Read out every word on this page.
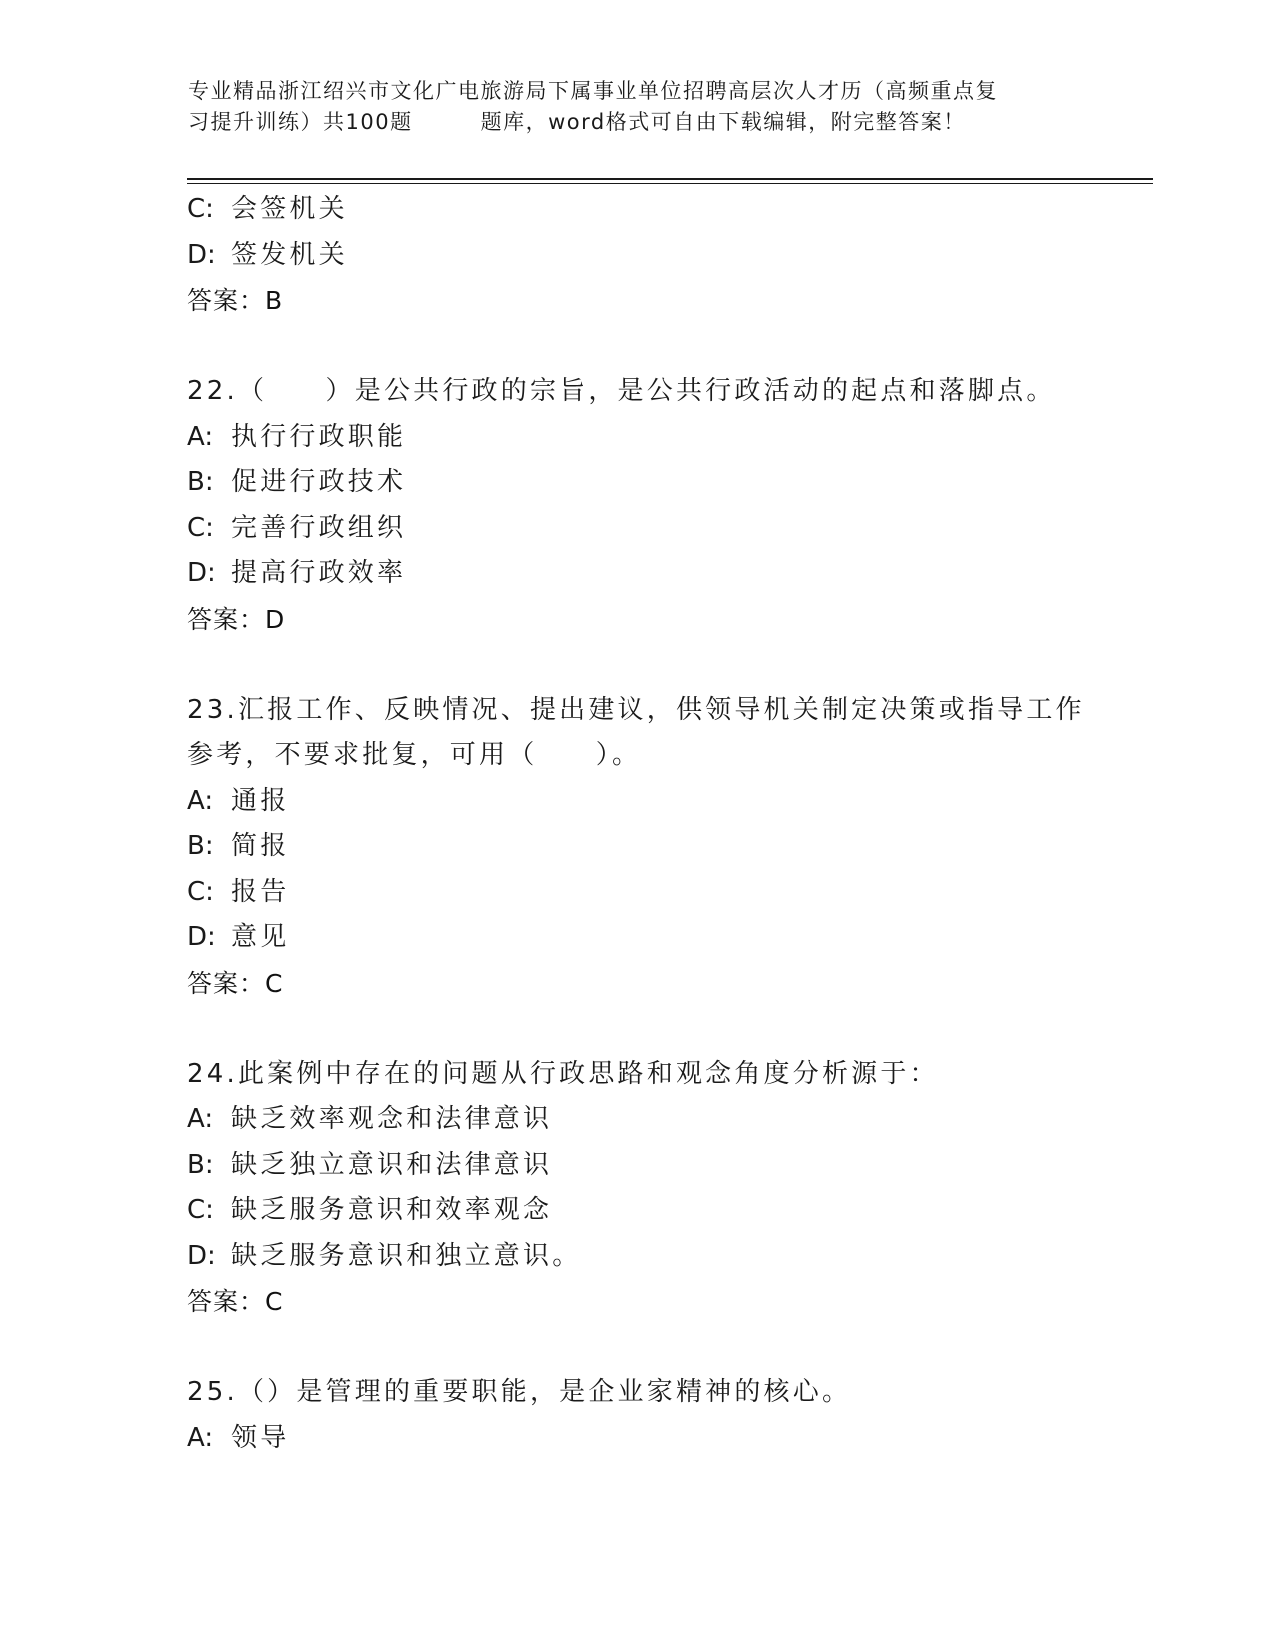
专业精品浙江绍兴市文化广电旅游局下属事业单位招聘高层次人才历（高频重点复
习提升训练）共100题	题库，word格式可自由下载编辑，附完整答案！
C: 会签机关
D: 签发机关
答案：B
22.（　　）是公共行政的宗旨，是公共行政活动的起点和落脚点。
A: 执行行政职能
B: 促进行政技术
C: 完善行政组织
D: 提高行政效率
答案：D
23.汇报工作、反映情况、提出建议，供领导机关制定决策或指导工作
参考，不要求批复，可用（　　）。
A: 通报
B: 简报
C: 报告
D: 意见
答案：C
24.此案例中存在的问题从行政思路和观念角度分析源于：
A: 缺乏效率观念和法律意识
B: 缺乏独立意识和法律意识
C: 缺乏服务意识和效率观念
D: 缺乏服务意识和独立意识。
答案：C
25.（）是管理的重要职能，是企业家精神的核心。
A: 领导
